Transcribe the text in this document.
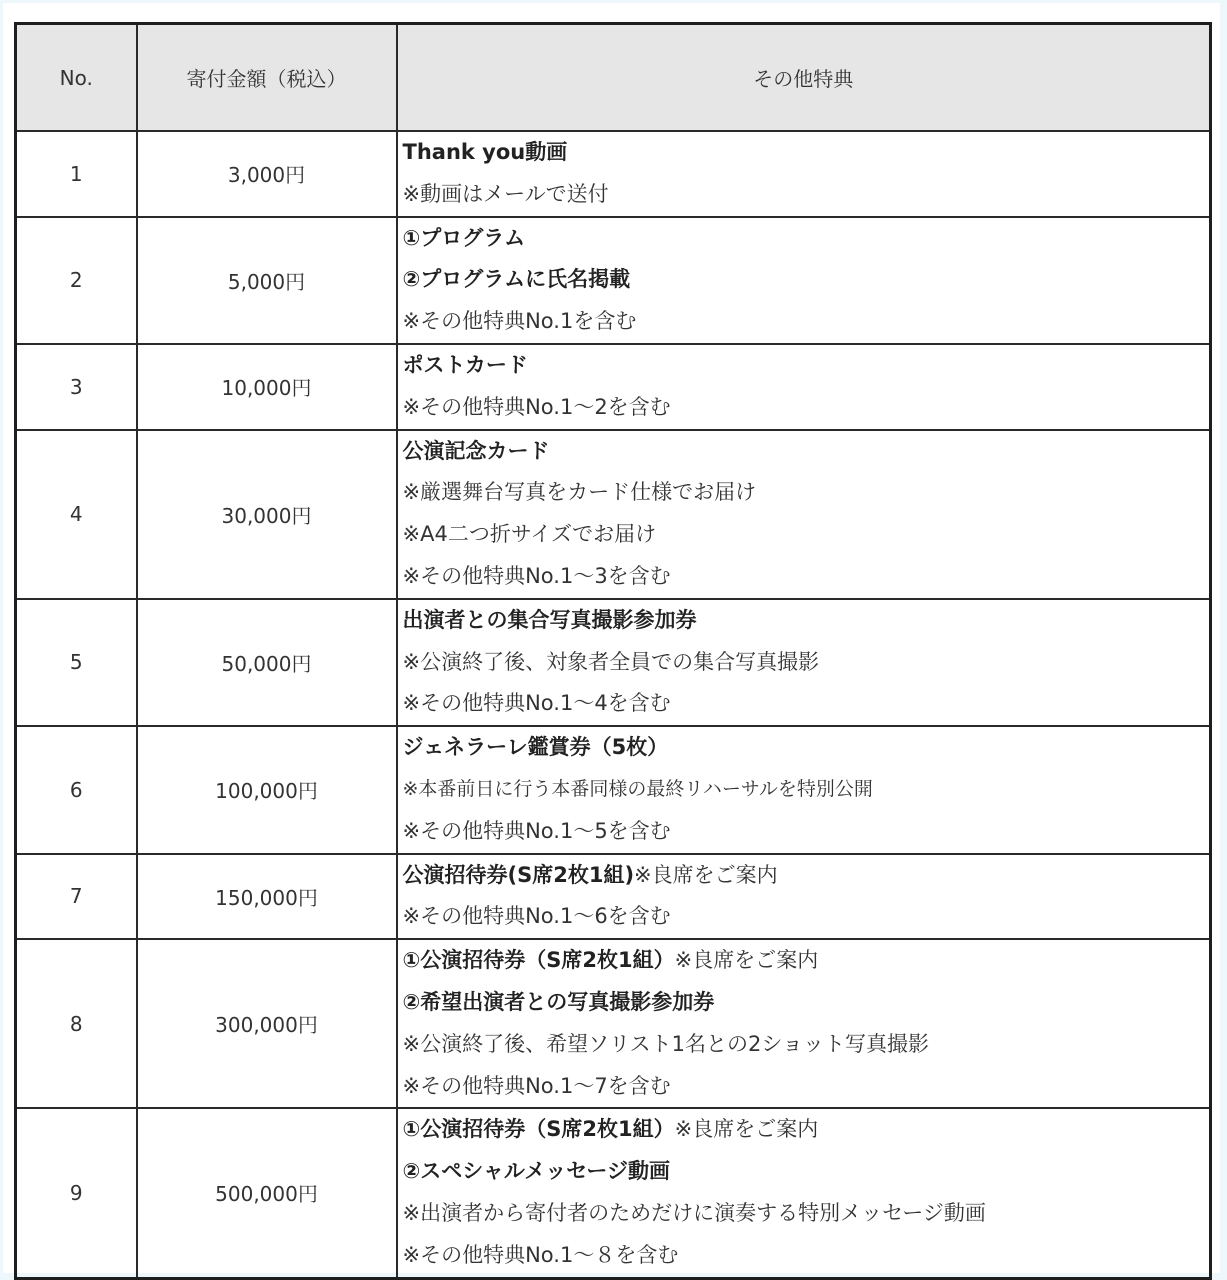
No.	寄付金額（税込）	その他特典
1	3,000円	Thank you動画
※動画はメールで送付

2	5,000円	①プログラム
②プログラムに氏名掲載
※その他特典No.1を含む

3	10,000円	ポストカード
※その他特典No.1～2を含む

4	30,000円	公演記念カード
※厳選舞台写真をカード仕様でお届け
※A4二つ折サイズでお届け
※その他特典No.1～3を含む

5	50,000円	出演者との集合写真撮影参加券
※公演終了後、対象者全員での集合写真撮影
※その他特典No.1～4を含む

6	100,000円	ジェネラーレ鑑賞券（5枚）
※本番前日に行う本番同様の最終リハーサルを特別公開
※その他特典No.1～5を含む

7	150,000円	公演招待券(S席2枚1組)※良席をご案内
※その他特典No.1～6を含む

8	300,000円	①公演招待券（S席2枚1組）※良席をご案内
②希望出演者との写真撮影参加券
※公演終了後、希望ソリスト1名との2ショット写真撮影
※その他特典No.1～7を含む

9	500,000円	①公演招待券（S席2枚1組）※良席をご案内
②スペシャルメッセージ動画
※出演者から寄付者のためだけに演奏する特別メッセージ動画
※その他特典No.1～８を含む
